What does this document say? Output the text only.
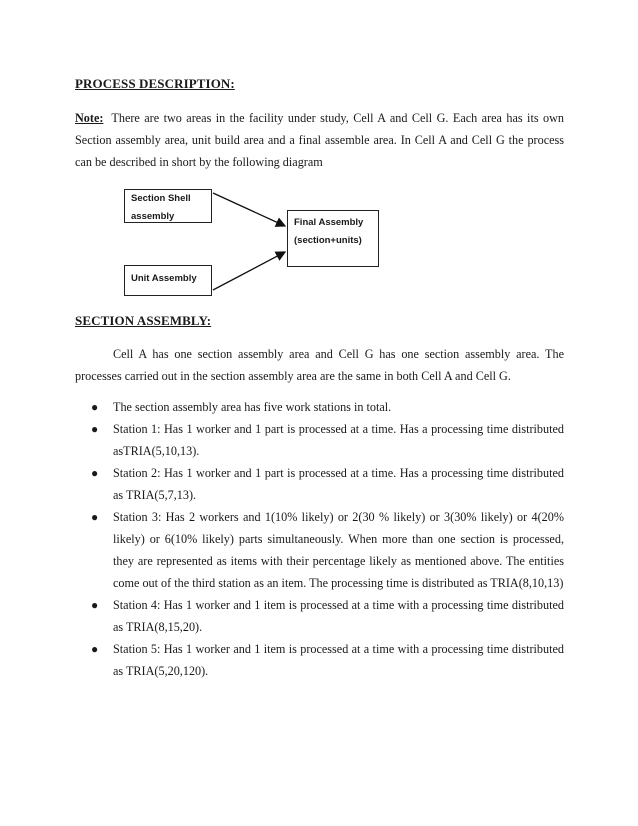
PROCESS DESCRIPTION:
Note: There are two areas in the facility under study, Cell A and Cell G. Each area has its own Section assembly area, unit build area and a final assemble area. In Cell A and Cell G the process can be described in short by the following diagram
Section Shell assembly
Unit Assembly
Final Assembly
(section+units)
SECTION ASSEMBLY:
Cell A has one section assembly area and Cell G has one section assembly area. The processes carried out in the section assembly area are the same in both Cell A and Cell G.
● The section assembly area has five work stations in total.
● Station 1: Has 1 worker and 1 part is processed at a time. Has a processing time distributed asTRIA(5,10,13).
● Station 2: Has 1 worker and 1 part is processed at a time. Has a processing time distributed as TRIA(5,7,13).
● Station 3: Has 2 workers and 1(10% likely) or 2(30 % likely) or 3(30% likely) or 4(20% likely) or 6(10% likely) parts simultaneously. When more than one section is processed, they are represented as items with their percentage likely as mentioned above. The entities come out of the third station as an item. The processing time is distributed as TRIA(8,10,13)
● Station 4: Has 1 worker and 1 item is processed at a time with a processing time distributed as TRIA(8,15,20).
● Station 5: Has 1 worker and 1 item is processed at a time with a processing time distributed as TRIA(5,20,120).
